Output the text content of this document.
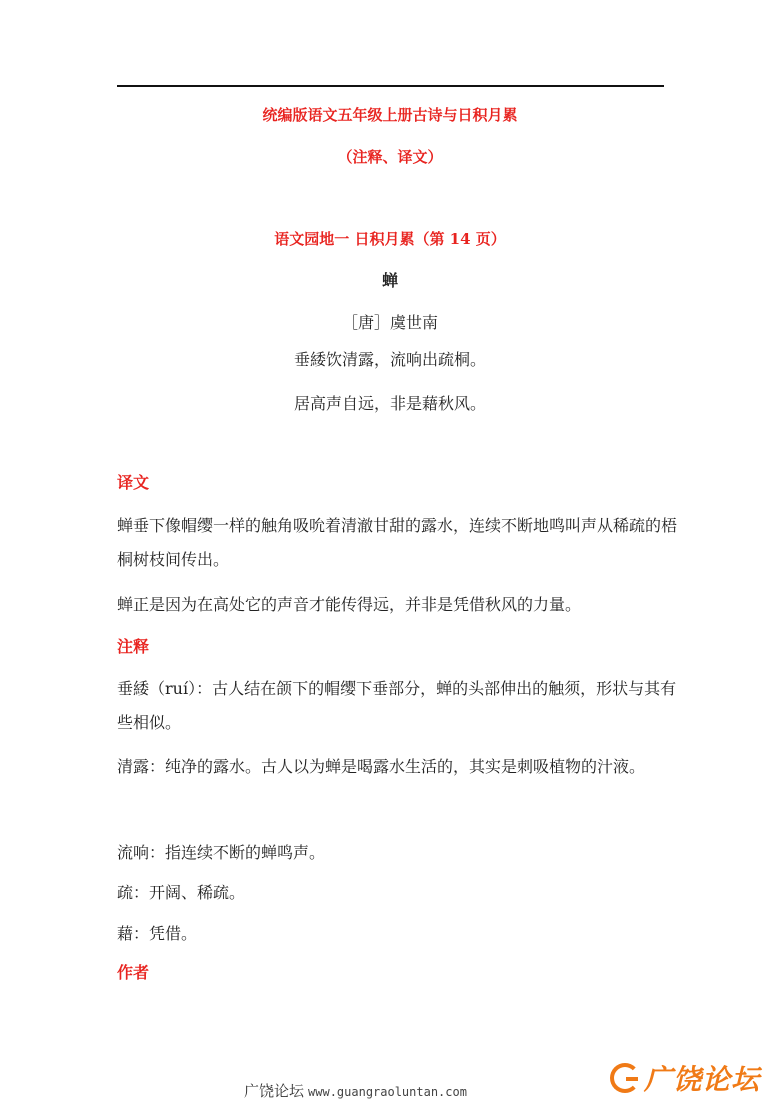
统编版语文五年级上册古诗与日积月累
（注释、译文）
语文园地一 日积月累（第 14 页）
蝉
［唐］虞世南
垂緌饮清露，流响出疏桐。
居高声自远，非是藉秋风。
译文

蝉垂下像帽缨一样的触角吸吮着清澈甘甜的露水，连续不断地鸣叫声从稀疏的梧桐树枝间传出。

蝉正是因为在高处它的声音才能传得远，并非是凭借秋风的力量。

注释

垂緌（ruí）：古人结在颌下的帽缨下垂部分，蝉的头部伸出的触须，形状与其有些相似。

清露：纯净的露水。古人以为蝉是喝露水生活的，其实是刺吸植物的汁液。

流响：指连续不断的蝉鸣声。

疏：开阔、稀疏。

藉：凭借。

作者
广饶论坛 www.guangraoluntan.com	广饶论坛
